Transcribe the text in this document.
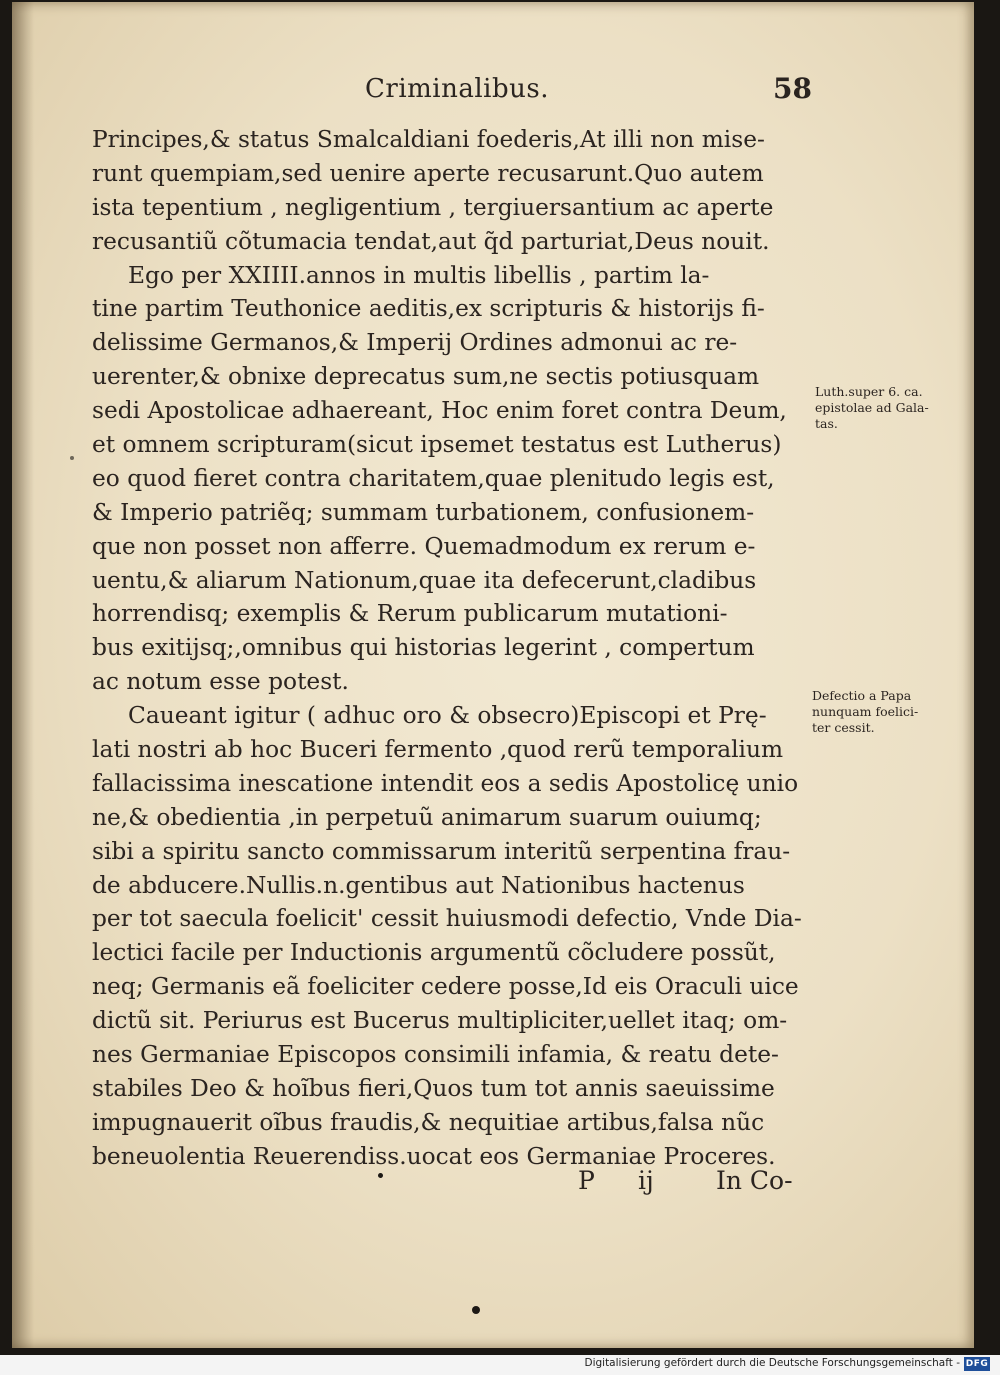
Criminalibus.	58
Principes,& status Smalcaldiani foederis,At illi non mise-
runt quempiam,sed uenire aperte recusarunt.Quo autem
ista tepentium , negligentium , tergiuersantium ac aperte
recusantiũ cõtumacia tendat,aut q̃d parturiat,Deus nouit.
Ego per XXIIII.annos in multis libellis , partim la-
tine partim Teuthonice aeditis,ex scripturis & historijs fi-
delissime Germanos,& Imperij Ordines admonui ac re-
uerenter,& obnixe deprecatus sum,ne sectis potiusquam
sedi Apostolicae adhaereant, Hoc enim foret contra Deum,
et omnem scripturam(sicut ipsemet testatus est Lutherus)
eo quod fieret contra charitatem,quae plenitudo legis est,
& Imperio patriẽq; summam turbationem, confusionem-
que non posset non afferre. Quemadmodum ex rerum e-
uentu,& aliarum Nationum,quae ita defecerunt,cladibus
horrendisq; exemplis & Rerum publicarum mutationi-
bus exitijsq;,omnibus qui historias legerint , compertum
ac notum esse potest.
Caueant igitur ( adhuc oro & obsecro)Episcopi et Prę-
lati nostri ab hoc Buceri fermento ,quod rerũ temporalium
fallacissima inescatione intendit eos a sedis Apostolicę unio
ne,& obedientia ,in perpetuũ animarum suarum ouiumq;
sibi a spiritu sancto commissarum interitũ serpentina frau-
de abducere.Nullis.n.gentibus aut Nationibus hactenus
per tot saecula foelicit' cessit huiusmodi defectio, Vnde Dia-
lectici facile per Inductionis argumentũ cõcludere possũt,
neq; Germanis eã foeliciter cedere posse,Id eis Oraculi uice
dictũ sit. Periurus est Bucerus multipliciter,uellet itaq; om-
nes Germaniae Episcopos consimili infamia, & reatu dete-
stabiles Deo & hoĩbus fieri,Quos tum tot annis saeuissime
impugnauerit oĩbus fraudis,& nequitiae artibus,falsa nũc
beneuolentia Reuerendiss.uocat eos Germaniae Proceres.
Luth.super 6. ca.
epistolae ad Gala-
tas.
Defectio a Papa
nunquam foelici-
ter cessit.
P ij In Co-
Digitalisierung gefördert durch die Deutsche Forschungsgemeinschaft - DFG
